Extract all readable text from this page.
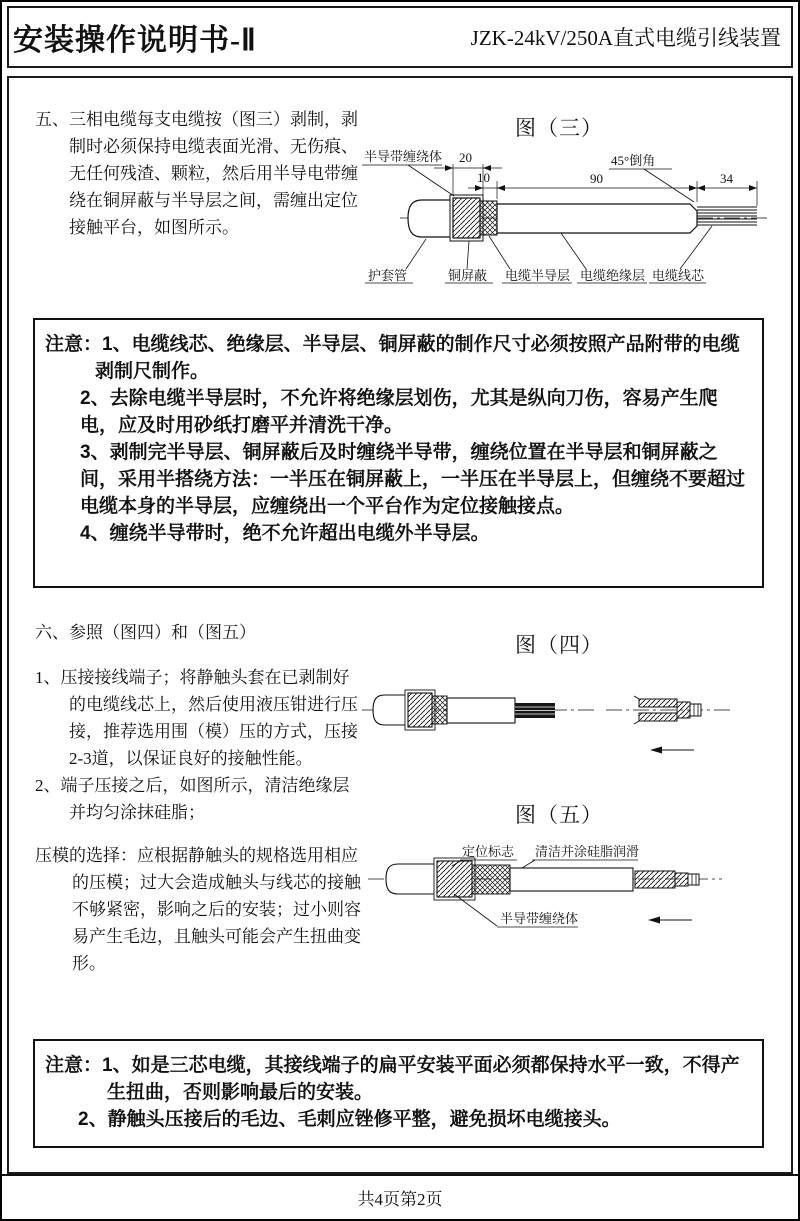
安装操作说明书-Ⅱ	JZK-24kV/250A直式电缆引线装置

五、三相电缆每支电缆按（图三）剥制，剥制时必须保持电缆表面光滑、无伤痕、无任何残渣、颗粒，然后用半导电带缠绕在铜屏蔽与半导层之间，需缠出定位接触平台，如图所示。

图（三）
20
10	90	34
半导带缠绕体	45°倒角
护套管	铜屏蔽 电缆半导层 电缆绝缘层 电缆线芯

注意：1、电缆线芯、绝缘层、半导层、铜屏蔽的制作尺寸必须按照产品附带的电缆剥制尺制作。

2、去除电缆半导层时，不允许将绝缘层划伤，尤其是纵向刀伤，容易产生爬电，应及时用砂纸打磨平并清洗干净。

3、剥制完半导层、铜屏蔽后及时缠绕半导带，缠绕位置在半导层和铜屏蔽之间，采用半搭绕方法：一半压在铜屏蔽上，一半压在半导层上，但缠绕不要超过电缆本身的半导层，应缠绕出一个平台作为定位接触接点。

4、缠绕半导带时，绝不允许超出电缆外半导层。

六、参照（图四）和（图五）

1、压接接线端子；将静触头套在已剥制好的电缆线芯上，然后使用液压钳进行压接，推荐选用围（模）压的方式，压接2-3道，以保证良好的接触性能。

2、端子压接之后，如图所示，清洁绝缘层并均匀涂抹硅脂；

压模的选择：应根据静触头的规格选用相应的压模；过大会造成触头与线芯的接触不够紧密，影响之后的安装；过小则容易产生毛边，且触头可能会产生扭曲变形。

图（四）
图（五）
定位标志 清洁并涂硅脂润滑
半导带缠绕体

注意：1、如是三芯电缆，其接线端子的扁平安装平面必须都保持水平一致，不得产生扭曲，否则影响最后的安装。

2、静触头压接后的毛边、毛刺应锉修平整，避免损坏电缆接头。

共4页第2页
